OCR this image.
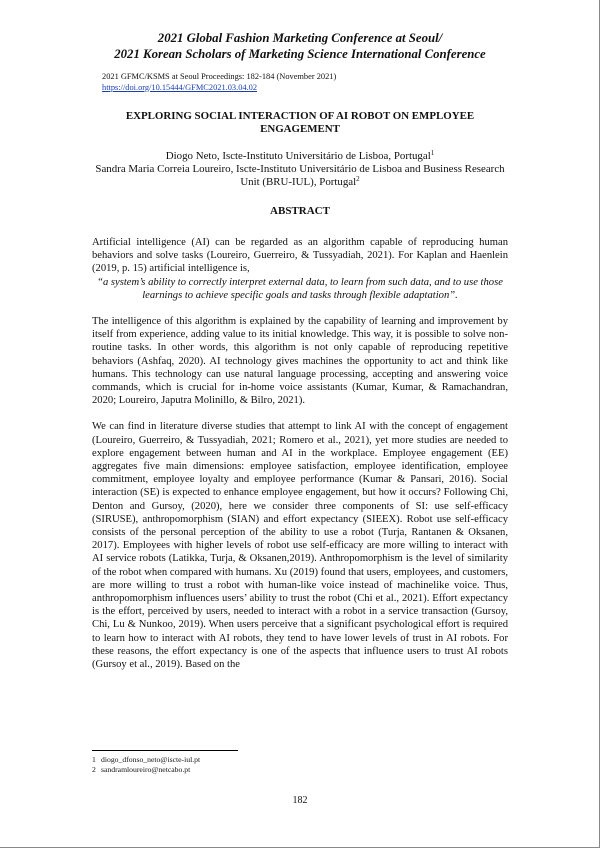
2021 Global Fashion Marketing Conference at Seoul/
2021 Korean Scholars of Marketing Science International Conference
2021 GFMC/KSMS at Seoul Proceedings: 182-184 (November 2021)
https://doi.org/10.15444/GFMC2021.03.04.02
EXPLORING SOCIAL INTERACTION OF AI ROBOT ON EMPLOYEE ENGAGEMENT
Diogo Neto, Iscte-Instituto Universitário de Lisboa, Portugal$^1$
Sandra Maria Correia Loureiro, Iscte-Instituto Universitário de Lisboa and Business Research Unit (BRU-IUL), Portugal$^2$
ABSTRACT

Artificial intelligence (AI) can be regarded as an algorithm capable of reproducing human behaviors and solve tasks (Loureiro, Guerreiro, & Tussyadiah, 2021). For Kaplan and Haenlein (2019, p. 15) artificial intelligence is,
“a system’s ability to correctly interpret external data, to learn from such data, and to use those learnings to achieve specific goals and tasks through flexible adaptation”.

The intelligence of this algorithm is explained by the capability of learning and improvement by itself from experience, adding value to its initial knowledge. This way, it is possible to solve non-routine tasks. In other words, this algorithm is not only capable of reproducing repetitive behaviors (Ashfaq, 2020). AI technology gives machines the opportunity to act and think like humans. This technology can use natural language processing, accepting and answering voice commands, which is crucial for in-home voice assistants (Kumar, Kumar, & Ramachandran, 2020; Loureiro, Japutra Molinillo, & Bilro, 2021).

We can find in literature diverse studies that attempt to link AI with the concept of engagement (Loureiro, Guerreiro, & Tussyadiah, 2021; Romero et al., 2021), yet more studies are needed to explore engagement between human and AI in the workplace. Employee engagement (EE) aggregates five main dimensions: employee satisfaction, employee identification, employee commitment, employee loyalty and employee performance (Kumar & Pansari, 2016). Social interaction (SE) is expected to enhance employee engagement, but how it occurs? Following Chi, Denton and Gursoy, (2020), here we consider three components of SI: use self-efficacy (SIRUSE), anthropomorphism (SIAN) and effort expectancy (SIEEX). Robot use self-efficacy consists of the personal perception of the ability to use a robot (Turja, Rantanen & Oksanen, 2017). Employees with higher levels of robot use self-efficacy are more willing to interact with AI service robots (Latikka, Turja, & Oksanen,2019). Anthropomorphism is the level of similarity of the robot when compared with humans. Xu (2019) found that users, employees, and customers, are more willing to trust a robot with human-like voice instead of machinelike voice. Thus, anthropomorphism influences users’ ability to trust the robot (Chi et al., 2021). Effort expectancy is the effort, perceived by users, needed to interact with a robot in a service transaction (Gursoy, Chi, Lu & Nunkoo, 2019). When users perceive that a significant psychological effort is required to learn how to interact with AI robots, they tend to have lower levels of trust in AI robots. For these reasons, the effort expectancy is one of the aspects that influence users to trust AI robots (Gursoy et al., 2019). Based on the

1 diogo_dfonso_neto@iscte-iul.pt
2 sandramloureiro@netcabo.pt
182
